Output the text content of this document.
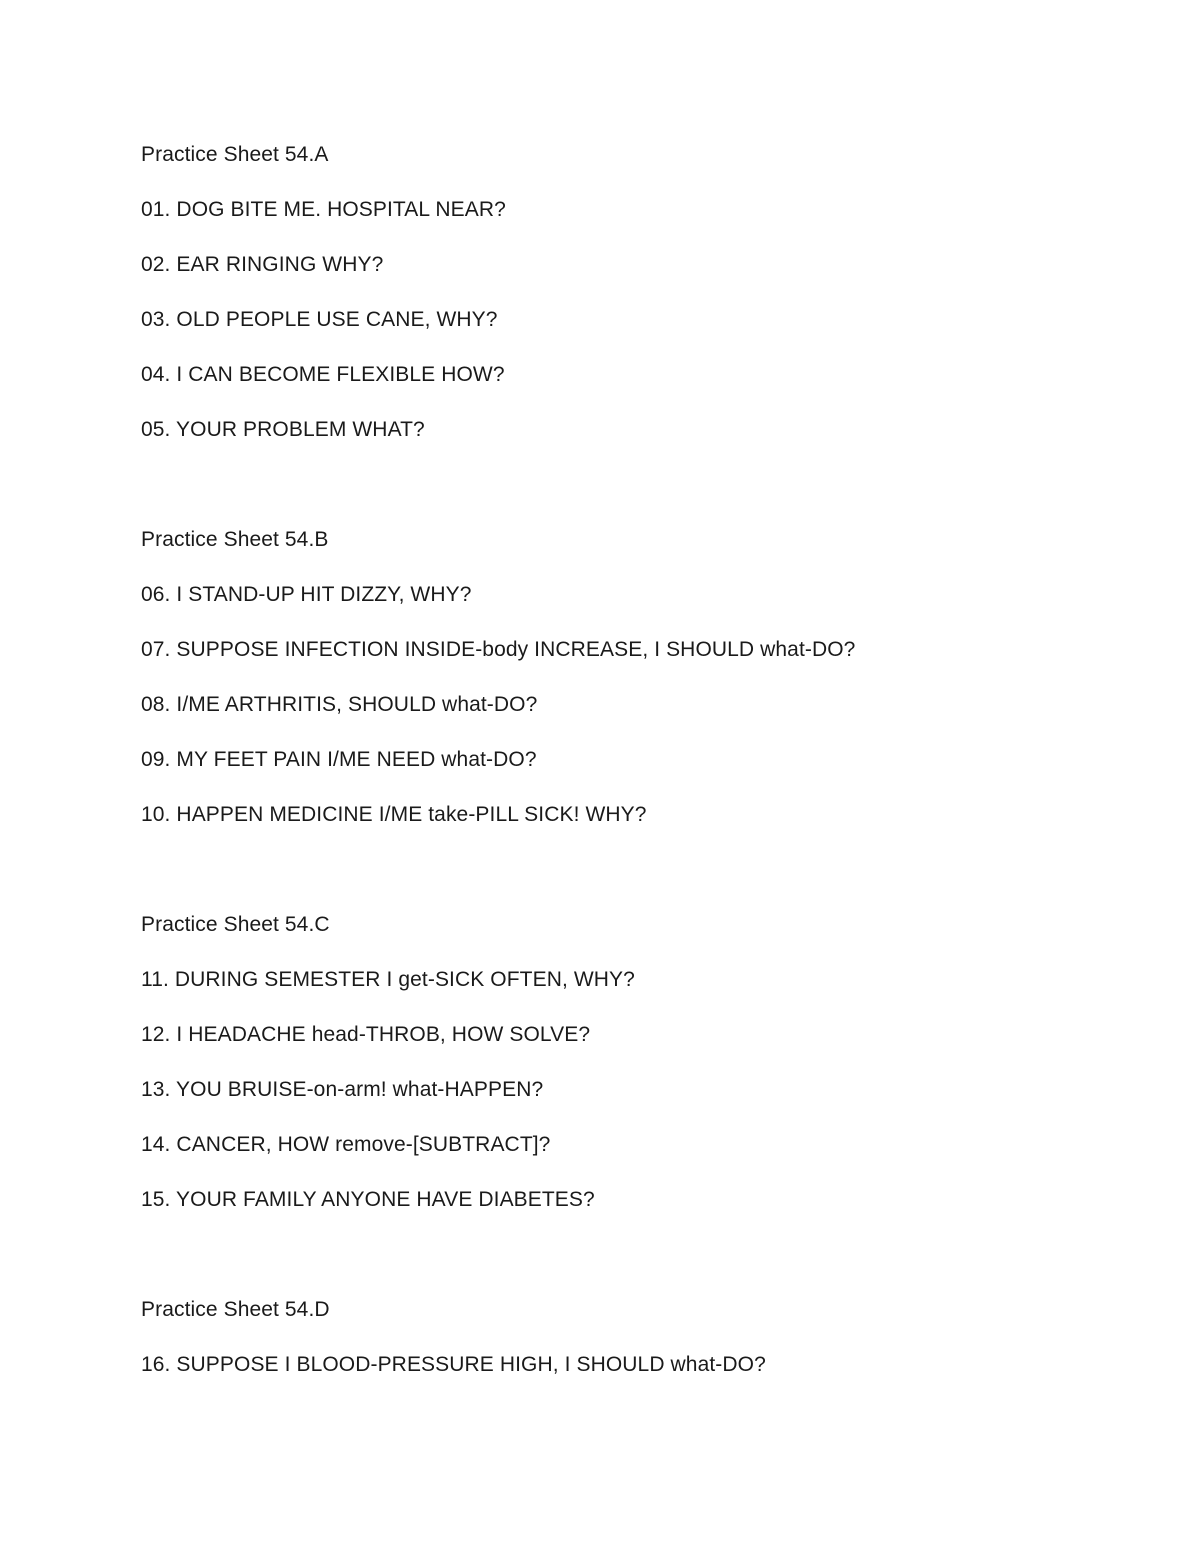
Practice Sheet 54.A

01. DOG BITE ME. HOSPITAL NEAR?

02. EAR RINGING WHY?

03. OLD PEOPLE USE CANE, WHY?

04. I CAN BECOME FLEXIBLE HOW?

05. YOUR PROBLEM WHAT?

Practice Sheet 54.B

06. I STAND-UP HIT DIZZY, WHY?

07. SUPPOSE INFECTION INSIDE-body INCREASE, I SHOULD what-DO?

08. I/ME ARTHRITIS, SHOULD what-DO?

09. MY FEET PAIN I/ME NEED what-DO?

10. HAPPEN MEDICINE I/ME take-PILL SICK! WHY?

Practice Sheet 54.C

11. DURING SEMESTER I get-SICK OFTEN, WHY?

12. I HEADACHE head-THROB, HOW SOLVE?

13. YOU BRUISE-on-arm! what-HAPPEN?

14. CANCER, HOW remove-[SUBTRACT]?

15. YOUR FAMILY ANYONE HAVE DIABETES?

Practice Sheet 54.D

16. SUPPOSE I BLOOD-PRESSURE HIGH, I SHOULD what-DO?
